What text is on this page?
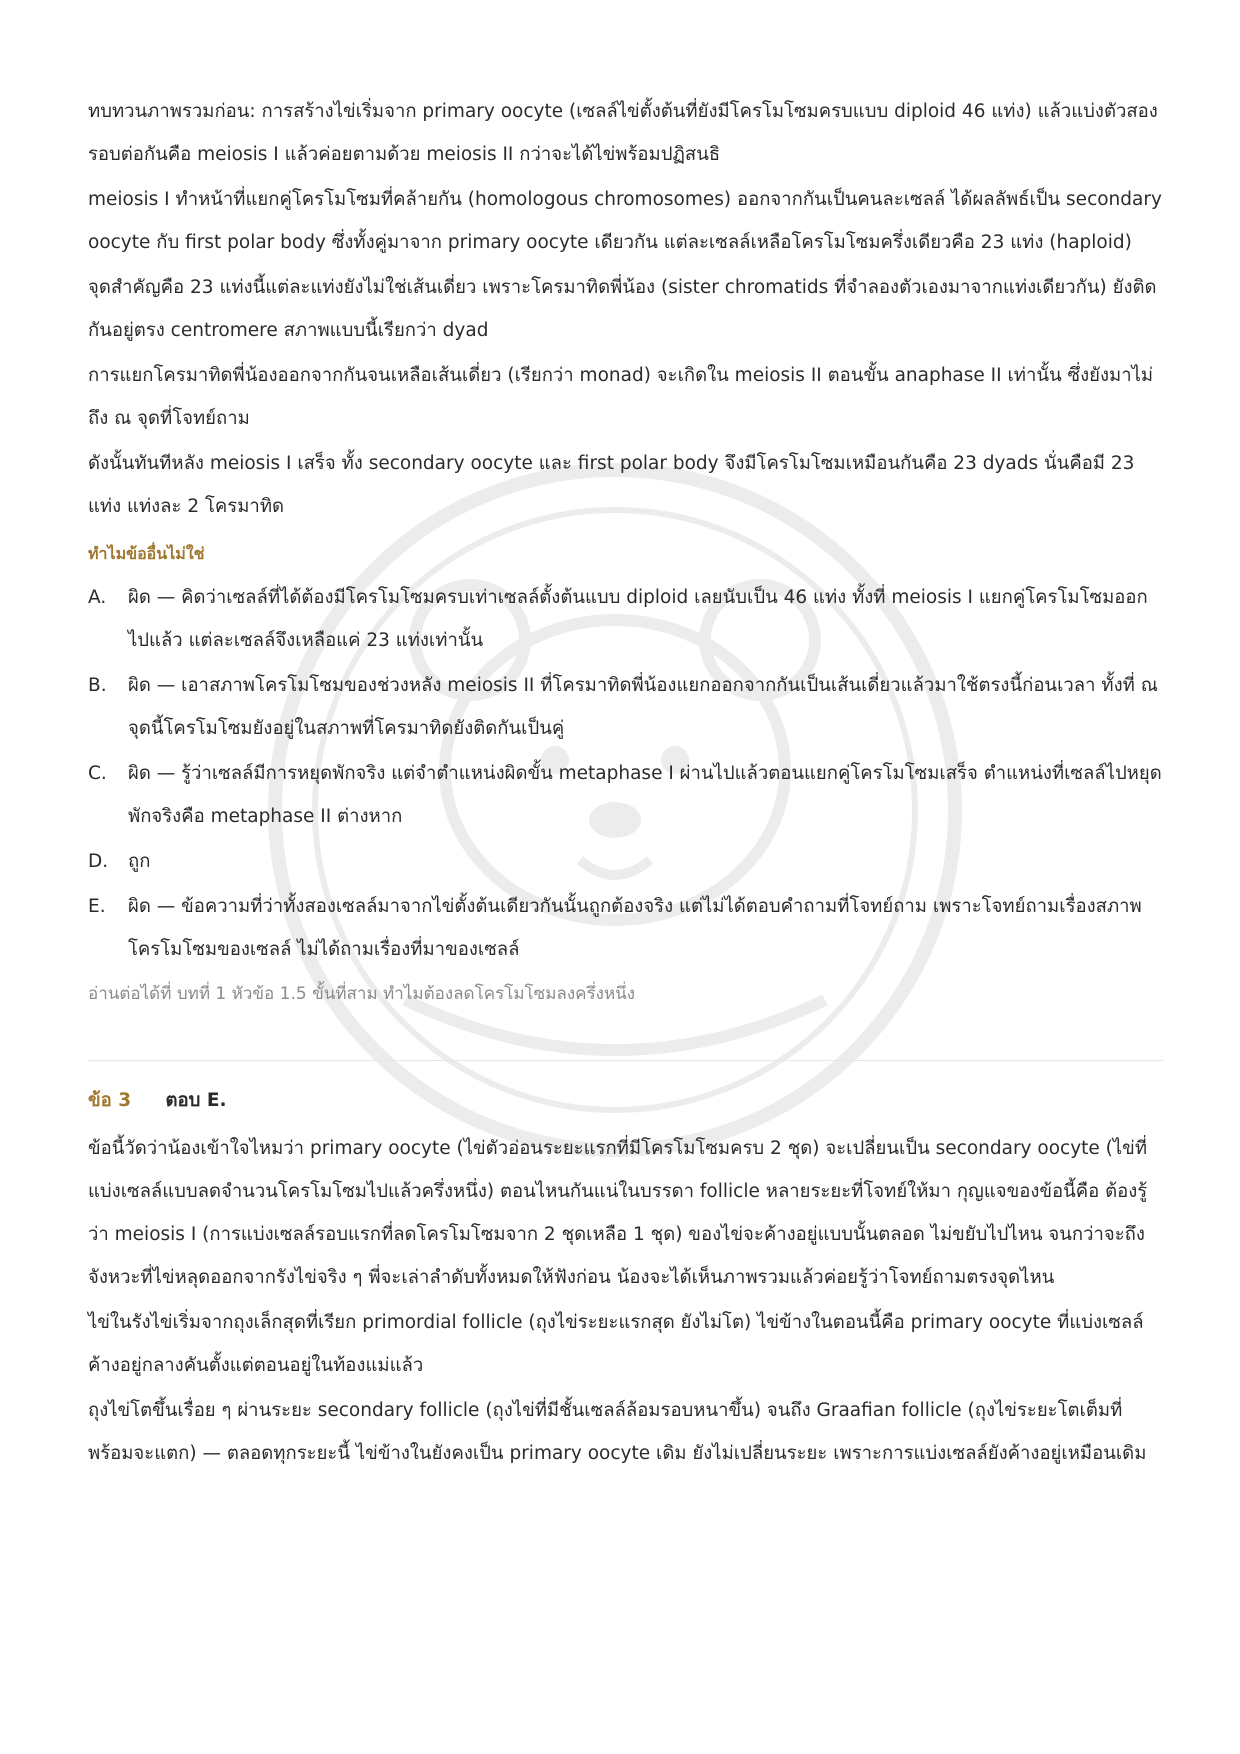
ทบทวนภาพรวมก่อน: การสร้างไข่เริ่มจาก primary oocyte (เซลล์ไข่ตั้งต้นที่ยังมีโครโมโซมครบแบบ diploid 46 แท่ง) แล้วแบ่งตัวสองรอบต่อกันคือ meiosis I แล้วค่อยตามด้วย meiosis II กว่าจะได้ไข่พร้อมปฏิสนธิ

meiosis I ทำหน้าที่แยกคู่โครโมโซมที่คล้ายกัน (homologous chromosomes) ออกจากกันเป็นคนละเซลล์ ได้ผลลัพธ์เป็น secondary oocyte กับ first polar body ซึ่งทั้งคู่มาจาก primary oocyte เดียวกัน แต่ละเซลล์เหลือโครโมโซมครึ่งเดียวคือ 23 แท่ง (haploid)

จุดสำคัญคือ 23 แท่งนี้แต่ละแท่งยังไม่ใช่เส้นเดี่ยว เพราะโครมาทิดพี่น้อง (sister chromatids ที่จำลองตัวเองมาจากแท่งเดียวกัน) ยังติดกันอยู่ตรง centromere สภาพแบบนี้เรียกว่า dyad

การแยกโครมาทิดพี่น้องออกจากกันจนเหลือเส้นเดี่ยว (เรียกว่า monad) จะเกิดใน meiosis II ตอนขั้น anaphase II เท่านั้น ซึ่งยังมาไม่ถึง ณ จุดที่โจทย์ถาม

ดังนั้นทันทีหลัง meiosis I เสร็จ ทั้ง secondary oocyte และ first polar body จึงมีโครโมโซมเหมือนกันคือ 23 dyads นั่นคือมี 23 แท่ง แท่งละ 2 โครมาทิด

ทำไมข้ออื่นไม่ใช่
A.	ผิด — คิดว่าเซลล์ที่ได้ต้องมีโครโมโซมครบเท่าเซลล์ตั้งต้นแบบ diploid เลยนับเป็น 46 แท่ง ทั้งที่ meiosis I แยกคู่โครโมโซมออกไปแล้ว แต่ละเซลล์จึงเหลือแค่ 23 แท่งเท่านั้น
B.	ผิด — เอาสภาพโครโมโซมของช่วงหลัง meiosis II ที่โครมาทิดพี่น้องแยกออกจากกันเป็นเส้นเดี่ยวแล้วมาใช้ตรงนี้ก่อนเวลา ทั้งที่ ณ จุดนี้โครโมโซมยังอยู่ในสภาพที่โครมาทิดยังติดกันเป็นคู่
C.	ผิด — รู้ว่าเซลล์มีการหยุดพักจริง แต่จำตำแหน่งผิดขั้น metaphase I ผ่านไปแล้วตอนแยกคู่โครโมโซมเสร็จ ตำแหน่งที่เซลล์ไปหยุดพักจริงคือ metaphase II ต่างหาก
D.	ถูก
E.	ผิด — ข้อความที่ว่าทั้งสองเซลล์มาจากไข่ตั้งต้นเดียวกันนั้นถูกต้องจริง แต่ไม่ได้ตอบคำถามที่โจทย์ถาม เพราะโจทย์ถามเรื่องสภาพโครโมโซมของเซลล์ ไม่ได้ถามเรื่องที่มาของเซลล์

อ่านต่อได้ที่ บทที่ 1 หัวข้อ 1.5 ขั้นที่สาม ทำไมต้องลดโครโมโซมลงครึ่งหนึ่ง

ข้อ 3 ตอบ E.

ข้อนี้วัดว่าน้องเข้าใจไหมว่า primary oocyte (ไข่ตัวอ่อนระยะแรกที่มีโครโมโซมครบ 2 ชุด) จะเปลี่ยนเป็น secondary oocyte (ไข่ที่แบ่งเซลล์แบบลดจำนวนโครโมโซมไปแล้วครึ่งหนึ่ง) ตอนไหนกันแน่ในบรรดา follicle หลายระยะที่โจทย์ให้มา กุญแจของข้อนี้คือ ต้องรู้ว่า meiosis I (การแบ่งเซลล์รอบแรกที่ลดโครโมโซมจาก 2 ชุดเหลือ 1 ชุด) ของไข่จะค้างอยู่แบบนั้นตลอด ไม่ขยับไปไหน จนกว่าจะถึงจังหวะที่ไข่หลุดออกจากรังไข่จริง ๆ พี่จะเล่าลำดับทั้งหมดให้ฟังก่อน น้องจะได้เห็นภาพรวมแล้วค่อยรู้ว่าโจทย์ถามตรงจุดไหน

ไข่ในรังไข่เริ่มจากถุงเล็กสุดที่เรียก primordial follicle (ถุงไข่ระยะแรกสุด ยังไม่โต) ไข่ข้างในตอนนี้คือ primary oocyte ที่แบ่งเซลล์ค้างอยู่กลางคันตั้งแต่ตอนอยู่ในท้องแม่แล้ว

ถุงไข่โตขึ้นเรื่อย ๆ ผ่านระยะ secondary follicle (ถุงไข่ที่มีชั้นเซลล์ล้อมรอบหนาขึ้น) จนถึง Graafian follicle (ถุงไข่ระยะโตเต็มที่ พร้อมจะแตก) — ตลอดทุกระยะนี้ ไข่ข้างในยังคงเป็น primary oocyte เดิม ยังไม่เปลี่ยนระยะ เพราะการแบ่งเซลล์ยังค้างอยู่เหมือนเดิม
